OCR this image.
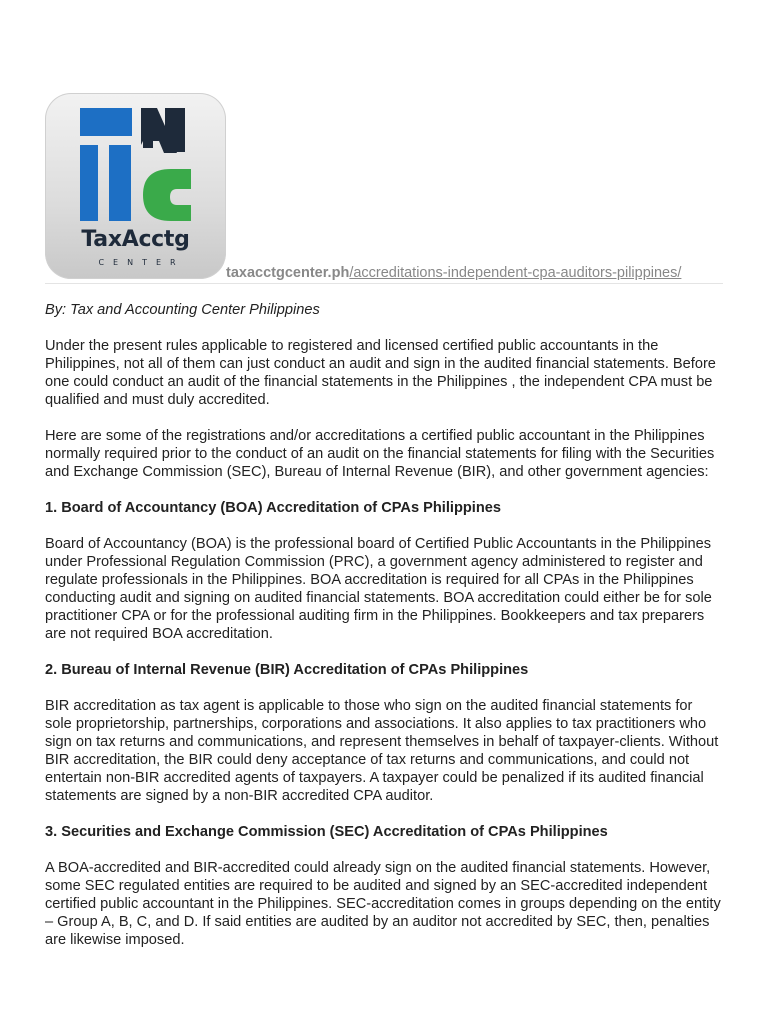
TaxAcctg
CENTER
taxacctgcenter.ph/accreditations-independent-cpa-auditors-pilippines/

By: Tax and Accounting Center Philippines

Under the present rules applicable to registered and licensed certified public accountants in the Philippines, not all of them can just conduct an audit and sign in the audited financial statements. Before one could conduct an audit of the financial statements in the Philippines , the independent CPA must be qualified and must duly accredited.

Here are some of the registrations and/or accreditations a certified public accountant in the Philippines normally required prior to the conduct of an audit on the financial statements for filing with the Securities and Exchange Commission (SEC), Bureau of Internal Revenue (BIR), and other government agencies:

1. Board of Accountancy (BOA) Accreditation of CPAs Philippines

Board of Accountancy (BOA) is the professional board of Certified Public Accountants in the Philippines under Professional Regulation Commission (PRC), a government agency administered to register and regulate professionals in the Philippines. BOA accreditation is required for all CPAs in the Philippines conducting audit and signing on audited financial statements. BOA accreditation could either be for sole practitioner CPA or for the professional auditing firm in the Philippines. Bookkeepers and tax preparers are not required BOA accreditation.

2. Bureau of Internal Revenue (BIR) Accreditation of CPAs Philippines

BIR accreditation as tax agent is applicable to those who sign on the audited financial statements for sole proprietorship, partnerships, corporations and associations. It also applies to tax practitioners who sign on tax returns and communications, and represent themselves in behalf of taxpayer-clients. Without BIR accreditation, the BIR could deny acceptance of tax returns and communications, and could not entertain non-BIR accredited agents of taxpayers. A taxpayer could be penalized if its audited financial statements are signed by a non-BIR accredited CPA auditor.

3. Securities and Exchange Commission (SEC) Accreditation of CPAs Philippines

A BOA-accredited and BIR-accredited could already sign on the audited financial statements. However, some SEC regulated entities are required to be audited and signed by an SEC-accredited independent certified public accountant in the Philippines. SEC-accreditation comes in groups depending on the entity – Group A, B, C, and D. If said entities are audited by an auditor not accredited by SEC, then, penalties are likewise imposed.
